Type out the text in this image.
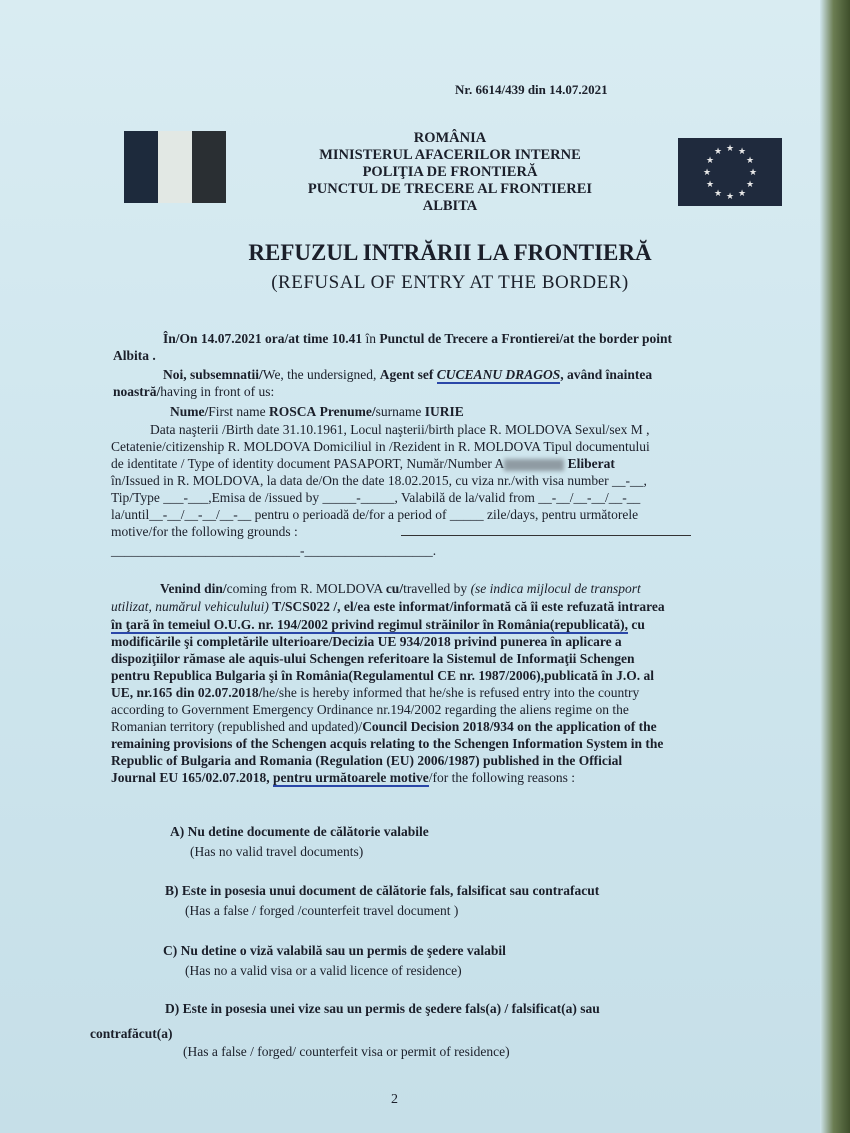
Nr. 6614/439 din 14.07.2021
★ ★
★
★
★
★
★
★
★
★
★
★
ROMÂNIA
MINISTERUL AFACERILOR INTERNE
POLIŢIA DE FRONTIERĂ
PUNCTUL DE TRECERE AL FRONTIEREI
ALBITA
REFUZUL INTRĂRII LA FRONTIERĂ
(REFUSAL OF ENTRY AT THE BORDER)
În/On 14.07.2021 ora/at time 10.41 în Punctul de Trecere a Frontierei/at the border point
Albita .
Noi, subsemnatii/We, the undersigned, Agent sef CUCEANU DRAGOS, având înaintea
noastră/having in front of us:
Nume/First name ROSCA Prenume/surname IURIE
Data naşterii /Birth date 31.10.1961, Locul naşterii/birth place R. MOLDOVA Sexul/sex M ,
Cetatenie/citizenship R. MOLDOVA Domiciliul in /Rezident in R. MOLDOVA Tipul documentului
de identitate / Type of identity document PASAPORT, Număr/Number A	Eliberat
în/Issued in R. MOLDOVA, la data de/On the date 18.02.2015, cu viza nr./with visa number __-__,
Tip/Type ___-___,Emisa de /issued by _____-_____, Valabilă de la/valid from __-__/__-__/__-__
la/until__-__/__-__/__-__ pentru o perioadă de/for a period of _____ zile/days, pentru următorele
motive/for the following grounds :
____________________________-___________________.
Venind din/coming from R. MOLDOVA cu/travelled by (se indica mijlocul de transport
utilizat, numărul vehiculului) T/SCS022 /, el/ea este informat/informată că îi este refuzată intrarea
în ţară în temeiul O.U.G. nr. 194/2002 privind regimul străinilor în România(republicată), cu
modificările şi completările ulterioare/Decizia UE 934/2018 privind punerea în aplicare a
dispoziţiilor rămase ale aquis-ului Schengen referitoare la Sistemul de Informaţii Schengen
pentru Republica Bulgaria şi în România(Regulamentul CE nr. 1987/2006),publicată în J.O. al
UE, nr.165 din 02.07.2018/he/she is hereby informed that he/she is refused entry into the country
according to Government Emergency Ordinance nr.194/2002 regarding the aliens regime on the
Romanian territory (republished and updated)/Council Decision 2018/934 on the application of the
remaining provisions of the Schengen acquis relating to the Schengen Information System in the
Republic of Bulgaria and Romania (Regulation (EU) 2006/1987) published in the Official
Journal EU 165/02.07.2018, pentru următoarele motive/for the following reasons :
A) Nu detine documente de călătorie valabile
(Has no valid travel documents)
B) Este in posesia unui document de călătorie fals, falsificat sau contrafacut
(Has a false / forged /counterfeit travel document )
C) Nu detine o viză valabilă sau un permis de şedere valabil
(Has no a valid visa or a valid licence of residence)
D) Este in posesia unei vize sau un permis de şedere fals(a) / falsificat(a) sau
contrafăcut(a)
(Has a false / forged/ counterfeit visa or permit of residence)
2
